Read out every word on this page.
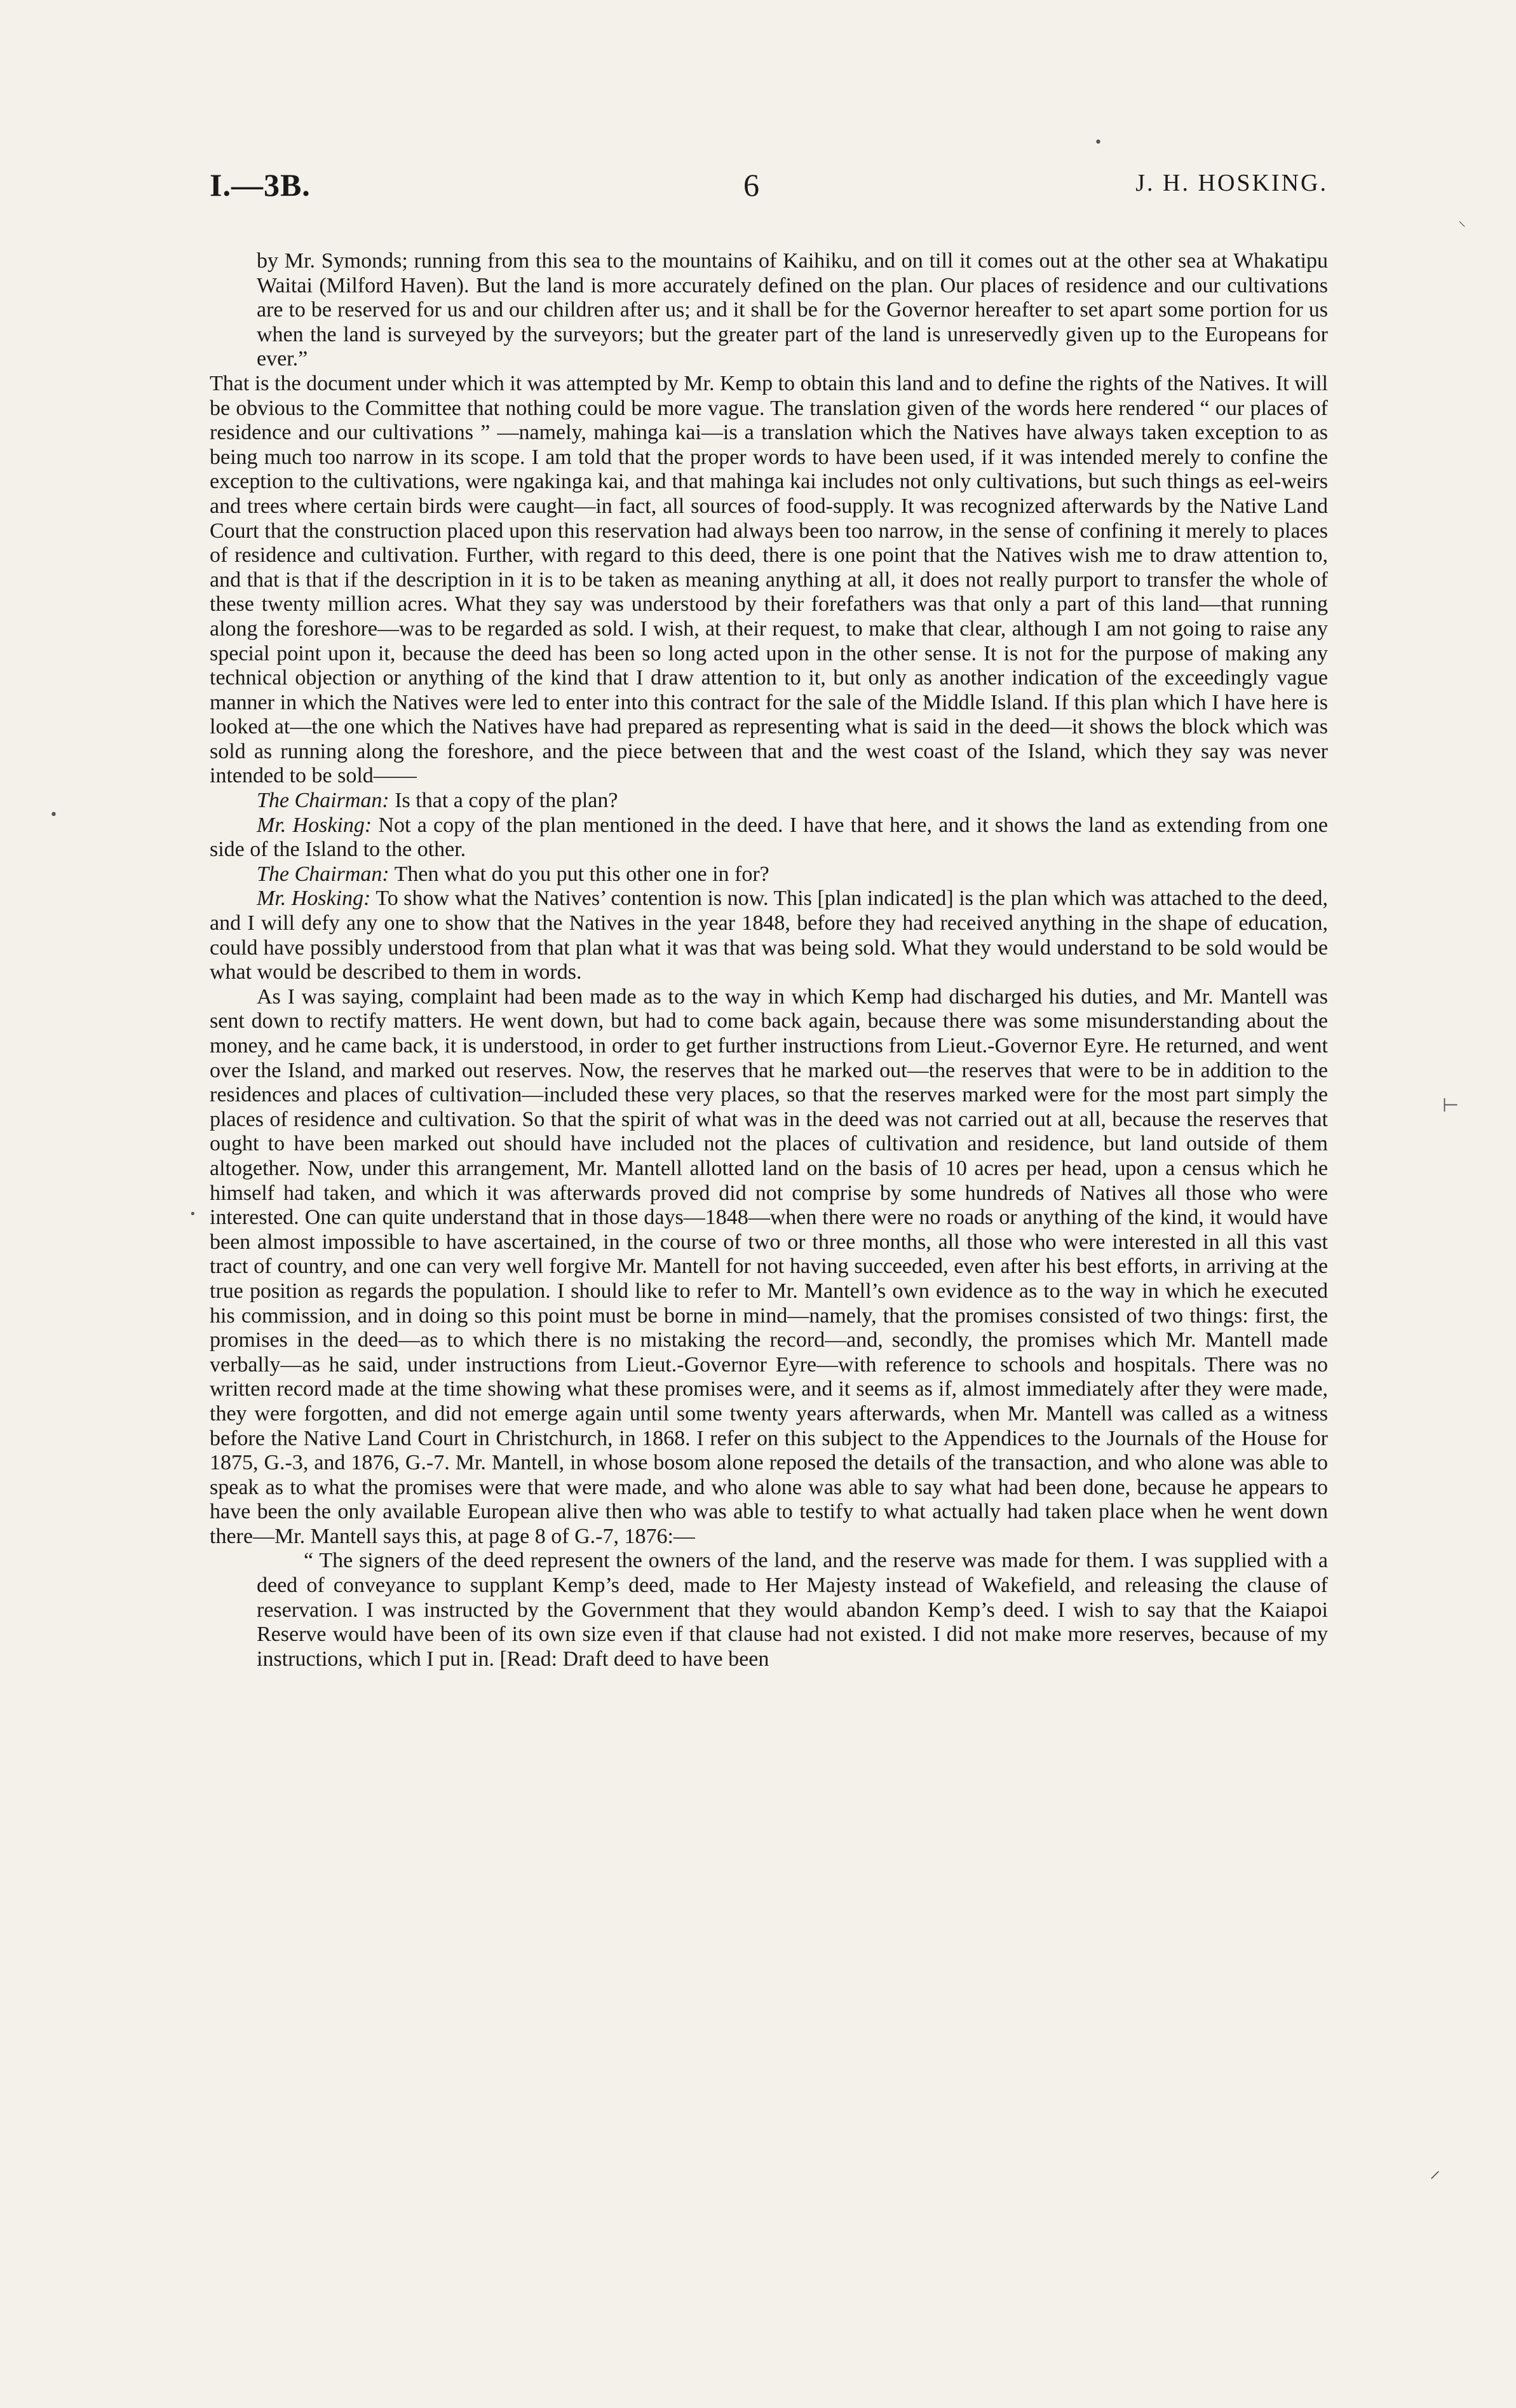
I.—3B.	6	J. H. HOSKING.

by Mr. Symonds; running from this sea to the mountains of Kaihiku, and on till it comes out at the other sea at Whakatipu Waitai (Milford Haven). But the land is more accurately defined on the plan. Our places of residence and our cultivations are to be reserved for us and our children after us; and it shall be for the Governor hereafter to set apart some portion for us when the land is surveyed by the surveyors; but the greater part of the land is unreservedly given up to the Europeans for ever.”

That is the document under which it was attempted by Mr. Kemp to obtain this land and to define the rights of the Natives. It will be obvious to the Committee that nothing could be more vague. The translation given of the words here rendered “ our places of residence and our cultivations ” —namely, mahinga kai—is a translation which the Natives have always taken exception to as being much too narrow in its scope. I am told that the proper words to have been used, if it was intended merely to confine the exception to the cultivations, were ngakinga kai, and that mahinga kai includes not only cultivations, but such things as eel-weirs and trees where certain birds were caught—in fact, all sources of food-supply. It was recognized afterwards by the Native Land Court that the construction placed upon this reservation had always been too narrow, in the sense of confining it merely to places of residence and cultivation. Further, with regard to this deed, there is one point that the Natives wish me to draw attention to, and that is that if the description in it is to be taken as meaning anything at all, it does not really purport to transfer the whole of these twenty million acres. What they say was understood by their forefathers was that only a part of this land—that running along the foreshore—was to be regarded as sold. I wish, at their request, to make that clear, although I am not going to raise any special point upon it, because the deed has been so long acted upon in the other sense. It is not for the purpose of making any technical objection or anything of the kind that I draw attention to it, but only as another indication of the exceedingly vague manner in which the Natives were led to enter into this contract for the sale of the Middle Island. If this plan which I have here is looked at—the one which the Natives have had prepared as representing what is said in the deed—it shows the block which was sold as running along the foreshore, and the piece between that and the west coast of the Island, which they say was never intended to be sold——

The Chairman: Is that a copy of the plan?

Mr. Hosking: Not a copy of the plan mentioned in the deed. I have that here, and it shows the land as extending from one side of the Island to the other.

The Chairman: Then what do you put this other one in for?

Mr. Hosking: To show what the Natives’ contention is now. This [plan indicated] is the plan which was attached to the deed, and I will defy any one to show that the Natives in the year 1848, before they had received anything in the shape of education, could have possibly understood from that plan what it was that was being sold. What they would understand to be sold would be what would be described to them in words.

As I was saying, complaint had been made as to the way in which Kemp had discharged his duties, and Mr. Mantell was sent down to rectify matters. He went down, but had to come back again, because there was some misunderstanding about the money, and he came back, it is understood, in order to get further instructions from Lieut.-Governor Eyre. He returned, and went over the Island, and marked out reserves. Now, the reserves that he marked out—the reserves that were to be in addition to the residences and places of cultivation—included these very places, so that the reserves marked were for the most part simply the places of residence and cultivation. So that the spirit of what was in the deed was not carried out at all, because the reserves that ought to have been marked out should have included not the places of cultivation and residence, but land outside of them altogether. Now, under this arrangement, Mr. Mantell allotted land on the basis of 10 acres per head, upon a census which he himself had taken, and which it was afterwards proved did not comprise by some hundreds of Natives all those who were interested. One can quite understand that in those days—1848—when there were no roads or anything of the kind, it would have been almost impossible to have ascertained, in the course of two or three months, all those who were interested in all this vast tract of country, and one can very well forgive Mr. Mantell for not having succeeded, even after his best efforts, in arriving at the true position as regards the population. I should like to refer to Mr. Mantell’s own evidence as to the way in which he executed his commission, and in doing so this point must be borne in mind—namely, that the promises consisted of two things: first, the promises in the deed—as to which there is no mistaking the record—and, secondly, the promises which Mr. Mantell made verbally—as he said, under instructions from Lieut.-Governor Eyre—with reference to schools and hospitals. There was no written record made at the time showing what these promises were, and it seems as if, almost immediately after they were made, they were forgotten, and did not emerge again until some twenty years afterwards, when Mr. Mantell was called as a witness before the Native Land Court in Christchurch, in 1868. I refer on this subject to the Appendices to the Journals of the House for 1875, G.-3, and 1876, G.-7. Mr. Mantell, in whose bosom alone reposed the details of the transaction, and who alone was able to speak as to what the promises were that were made, and who alone was able to say what had been done, because he appears to have been the only available European alive then who was able to testify to what actually had taken place when he went down there—Mr. Mantell says this, at page 8 of G.-7, 1876:—

“ The signers of the deed represent the owners of the land, and the reserve was made for them. I was supplied with a deed of conveyance to supplant Kemp’s deed, made to Her Majesty instead of Wakefield, and releasing the clause of reservation. I was instructed by the Government that they would abandon Kemp’s deed. I wish to say that the Kaiapoi Reserve would have been of its own size even if that clause had not existed. I did not make more reserves, because of my instructions, which I put in. [Read: Draft deed to have been

•
•
•
⊢
⸜
⸝
